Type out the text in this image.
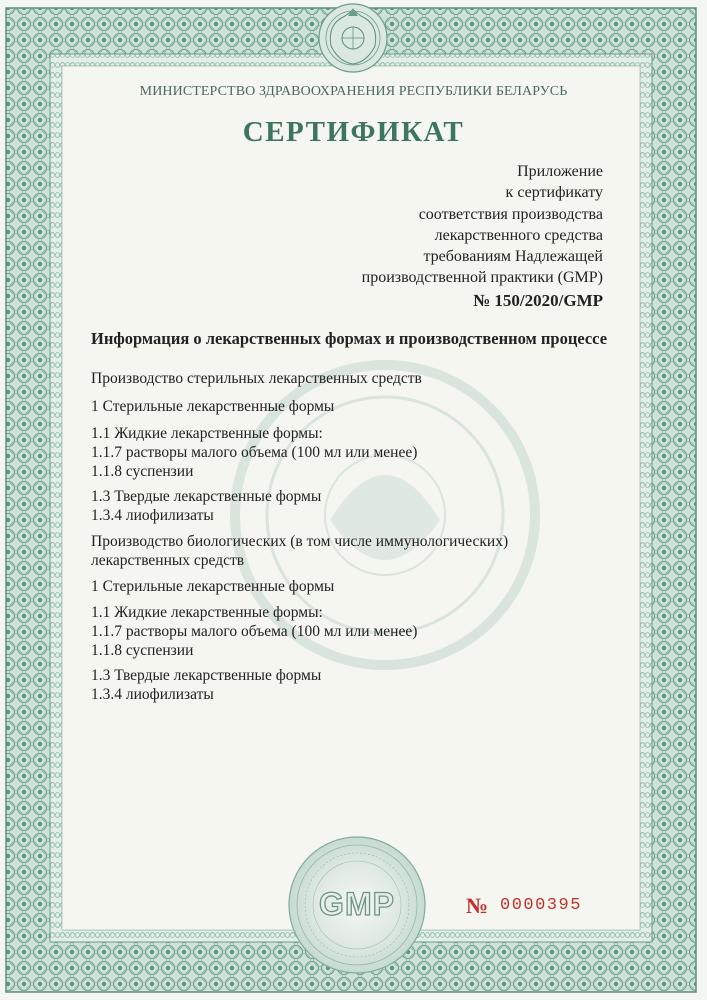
GMP
МИНИСТЕРСТВО ЗДРАВООХРАНЕНИЯ РЕСПУБЛИКИ БЕЛАРУСЬ
СЕРТИФИКАТ
Приложение
к сертификату
соответствия производства
лекарственного средства
требованиям Надлежащей
производственной практики (GMP)
№ 150/2020/GMP
Информация о лекарственных формах и производственном процессе
Производство стерильных лекарственных средств
1 Стерильные лекарственные формы
1.1 Жидкие лекарственные формы:
1.1.7 растворы малого объема (100 мл или менее)
1.1.8 суспензии
1.3 Твердые лекарственные формы
1.3.4 лиофилизаты
Производство биологических (в том числе иммунологических)
лекарственных средств
1 Стерильные лекарственные формы
1.1 Жидкие лекарственные формы:
1.1.7 растворы малого объема (100 мл или менее)
1.1.8 суспензии
1.3 Твердые лекарственные формы
1.3.4 лиофилизаты
№ 0000395
